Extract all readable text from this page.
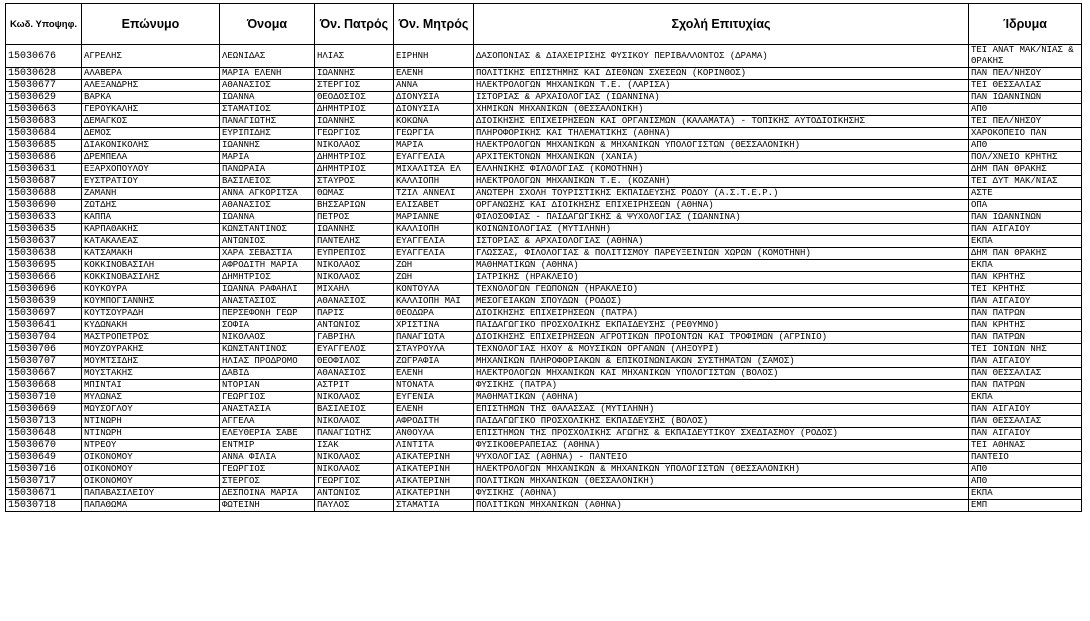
Κωδ. Υποψηφ.	Επώνυμο	Όνομα	Όν. Πατρός	Όν. Μητρός	Σχολή Επιτυχίας	Ίδρυμα
15030676	ΑΓΡΕΛΗΣ	ΛΕΩΝΙΔΑΣ	ΗΛΙΑΣ	ΕΙΡΗΝΗ	ΔΑΣΟΠΟΝΙΑΣ & ΔΙΑΧΕΙΡΙΣΗΣ ΦΥΣΙΚΟΥ ΠΕΡΙΒΑΛΛΟΝΤΟΣ (ΔΡΑΜΑ)	ΤΕΙ ΑΝΑΤ ΜΑΚ/ΝΙΑΣ & ΘΡΑΚΗΣ
15030628	ΑΛΑΒΕΡΑ	ΜΑΡΙΑ ΕΛΕΝΗ	ΙΩΑΝΝΗΣ	ΕΛΕΝΗ	ΠΟΛΙΤΙΚΗΣ ΕΠΙΣΤΗΜΗΣ ΚΑΙ ΔΙΕΘΝΩΝ ΣΧΕΣΕΩΝ (ΚΟΡΙΝΘΟΣ)	ΠΑΝ ΠΕΛ/ΝΗΣΟΥ
15030677	ΑΛΕΞΑΝΔΡΗΣ	ΑΘΑΝΑΣΙΟΣ	ΣΤΕΡΓΙΟΣ	ΑΝΝΑ	ΗΛΕΚΤΡΟΛΟΓΩΝ ΜΗΧΑΝΙΚΩΝ Τ.Ε. (ΛΑΡΙΣΑ)	ΤΕΙ ΘΕΣΣΑΛΙΑΣ
15030629	ΒΑΡΚΑ	ΙΩΑΝΝΑ	ΘΕΟΔΟΣΙΟΣ	ΔΙΟΝΥΣΙΑ	ΙΣΤΟΡΙΑΣ & ΑΡΧΑΙΟΛΟΓΙΑΣ (ΙΩΑΝΝΙΝΑ)	ΠΑΝ ΙΩΑΝΝΙΝΩΝ
15030663	ΓΕΡΟΥΚΑΛΗΣ	ΣΤΑΜΑΤΙΟΣ	ΔΗΜΗΤΡΙΟΣ	ΔΙΟΝΥΣΙΑ	ΧΗΜΙΚΩΝ ΜΗΧΑΝΙΚΩΝ (ΘΕΣΣΑΛΟΝΙΚΗ)	ΑΠΘ
15030683	ΔΕΜΑΓΚΟΣ	ΠΑΝΑΓΙΩΤΗΣ	ΙΩΑΝΝΗΣ	ΚΟΚΩΝΑ	ΔΙΟΙΚΗΣΗΣ ΕΠΙΧΕΙΡΗΣΕΩΝ ΚΑΙ ΟΡΓΑΝΙΣΜΩΝ (ΚΑΛΑΜΑΤΑ) - ΤΟΠΙΚΗΣ ΑΥΤΟΔΙΟΙΚΗΣΗΣ	ΤΕΙ ΠΕΛ/ΝΗΣΟΥ
15030684	ΔΕΜΟΣ	ΕΥΡΙΠΙΔΗΣ	ΓΕΩΡΓΙΟΣ	ΓΕΩΡΓΙΑ	ΠΛΗΡΟΦΟΡΙΚΗΣ ΚΑΙ ΤΗΛΕΜΑΤΙΚΗΣ (ΑΘΗΝΑ)	ΧΑΡΟΚΟΠΕΙΟ ΠΑΝ
15030685	ΔΙΑΚΟΝΙΚΟΛΗΣ	ΙΩΑΝΝΗΣ	ΝΙΚΟΛΑΟΣ	ΜΑΡΙΑ	ΗΛΕΚΤΡΟΛΟΓΩΝ ΜΗΧΑΝΙΚΩΝ & ΜΗΧΑΝΙΚΩΝ ΥΠΟΛΟΓΙΣΤΩΝ (ΘΕΣΣΑΛΟΝΙΚΗ)	ΑΠΘ
15030686	ΔΡΕΜΠΕΛΑ	ΜΑΡΙΑ	ΔΗΜΗΤΡΙΟΣ	ΕΥΑΓΓΕΛΙΑ	ΑΡΧΙΤΕΚΤΟΝΩΝ ΜΗΧΑΝΙΚΩΝ (ΧΑΝΙΑ)	ΠΟΛ/ΧΝΕΙΟ ΚΡΗΤΗΣ
15030631	ΕΞΑΡΧΟΠΟΥΛΟΥ	ΠΑΝΩΡΑΙΑ	ΔΗΜΗΤΡΙΟΣ	ΜΙΧΑΛΙΤΣΑ ΕΛ	ΕΛΛΗΝΙΚΗΣ ΦΙΛΟΛΟΓΙΑΣ (ΚΟΜΟΤΗΝΗ)	ΔΗΜ ΠΑΝ ΘΡΑΚΗΣ
15030687	ΕΥΣΤΡΑΤΙΟΥ	ΒΑΣΙΛΕΙΟΣ	ΣΤΑΥΡΟΣ	ΚΑΛΛΙΟΠΗ	ΗΛΕΚΤΡΟΛΟΓΩΝ ΜΗΧΑΝΙΚΩΝ Τ.Ε. (ΚΟΖΑΝΗ)	ΤΕΙ ΔΥΤ ΜΑΚ/ΝΙΑΣ
15030688	ΖΑΜΑΝΗ	ΑΝΝΑ ΑΓΚΟΡΙΤΣΑ	ΘΩΜΑΣ	ΤΖΙΛ ΑΝΝΕΛΙ	ΑΝΩΤΕΡΗ ΣΧΟΛΗ ΤΟΥΡΙΣΤΙΚΗΣ ΕΚΠΑΙΔΕΥΣΗΣ ΡΟΔΟΥ (Α.Σ.Τ.Ε.Ρ.)	ΑΣΤΕ
15030690	ΖΩΤΔΗΣ	ΑΘΑΝΑΣΙΟΣ	ΒΗΣΣΑΡΙΩΝ	ΕΛΙΣΑΒΕΤ	ΟΡΓΑΝΩΣΗΣ ΚΑΙ ΔΙΟΙΚΗΣΗΣ ΕΠΙΧΕΙΡΗΣΕΩΝ (ΑΘΗΝΑ)	ΟΠΑ
15030633	ΚΑΠΠΑ	ΙΩΑΝΝΑ	ΠΕΤΡΟΣ	ΜΑΡΙΑΝΝΕ	ΦΙΛΟΣΟΦΙΑΣ - ΠΑΙΔΑΓΩΓΙΚΗΣ & ΨΥΧΟΛΟΓΙΑΣ (ΙΩΑΝΝΙΝΑ)	ΠΑΝ ΙΩΑΝΝΙΝΩΝ
15030635	ΚΑΡΠΑΘΑΚΗΣ	ΚΩΝΣΤΑΝΤΙΝΟΣ	ΙΩΑΝΝΗΣ	ΚΑΛΛΙΟΠΗ	ΚΟΙΝΩΝΙΟΛΟΓΙΑΣ (ΜΥΤΙΛΗΝΗ)	ΠΑΝ ΑΙΓΑΙΟΥ
15030637	ΚΑΤΑΚΑΛΕΑΣ	ΑΝΤΩΝΙΟΣ	ΠΑΝΤΕΛΗΣ	ΕΥΑΓΓΕΛΙΑ	ΙΣΤΟΡΙΑΣ & ΑΡΧΑΙΟΛΟΓΙΑΣ (ΑΘΗΝΑ)	ΕΚΠΑ
15030638	ΚΑΤΣΑΜΑΚΗ	ΧΑΡΑ ΣΕΒΑΣΤΙΑ	ΕΥΠΡΕΠΙΟΣ	ΕΥΑΓΓΕΛΙΑ	ΓΛΩΣΣΑΣ, ΦΙΛΟΛΟΓΙΑΣ & ΠΟΛΙΤΙΣΜΟΥ ΠΑΡΕΥΞΕΙΝΙΩΝ ΧΩΡΩΝ (ΚΟΜΟΤΗΝΗ)	ΔΗΜ ΠΑΝ ΘΡΑΚΗΣ
15030695	ΚΟΚΚΙΝΟΒΑΣΙΛΗ	ΑΦΡΟΔΙΤΗ ΜΑΡΙΑ	ΝΙΚΟΛΑΟΣ	ΖΩΗ	ΜΑΘΗΜΑΤΙΚΩΝ (ΑΘΗΝΑ)	ΕΚΠΑ
15030666	ΚΟΚΚΙΝΟΒΑΣΙΛΗΣ	ΔΗΜΗΤΡΙΟΣ	ΝΙΚΟΛΑΟΣ	ΖΩΗ	ΙΑΤΡΙΚΗΣ (ΗΡΑΚΛΕΙΟ)	ΠΑΝ ΚΡΗΤΗΣ
15030696	ΚΟΥΚΟΥΡΑ	ΙΩΑΝΝΑ ΡΑΦΑΗΛΙ	ΜΙΧΑΗΛ	ΚΟΝΤΟΥΛΑ	ΤΕΧΝΟΛΟΓΩΝ ΓΕΩΠΟΝΩΝ (ΗΡΑΚΛΕΙΟ)	ΤΕΙ ΚΡΗΤΗΣ
15030639	ΚΟΥΜΠΟΓΙΑΝΝΗΣ	ΑΝΑΣΤΑΣΙΟΣ	ΑΘΑΝΑΣΙΟΣ	ΚΑΛΛΙΟΠΗ ΜΑΙ	ΜΕΣΟΓΕΙΑΚΩΝ ΣΠΟΥΔΩΝ (ΡΟΔΟΣ)	ΠΑΝ ΑΙΓΑΙΟΥ
15030697	ΚΟΥΤΣΟΥΡΑΔΗ	ΠΕΡΣΕΦΟΝΗ ΓΕΩΡ	ΠΑΡΙΣ	ΘΕΟΔΩΡΑ	ΔΙΟΙΚΗΣΗΣ ΕΠΙΧΕΙΡΗΣΕΩΝ (ΠΑΤΡΑ)	ΠΑΝ ΠΑΤΡΩΝ
15030641	ΚΥΔΩΝΑΚΗ	ΣΟΦΙΑ	ΑΝΤΩΝΙΟΣ	ΧΡΙΣΤΙΝΑ	ΠΑΙΔΑΓΩΓΙΚΟ ΠΡΟΣΧΟΛΙΚΗΣ ΕΚΠΑΙΔΕΥΣΗΣ (ΡΕΘΥΜΝΟ)	ΠΑΝ ΚΡΗΤΗΣ
15030704	ΜΑΣΤΡΟΠΕΤΡΟΣ	ΝΙΚΟΛΑΟΣ	ΓΑΒΡΙΗΛ	ΠΑΝΑΓΙΩΤΑ	ΔΙΟΙΚΗΣΗΣ ΕΠΙΧΕΙΡΗΣΕΩΝ ΑΓΡΟΤΙΚΩΝ ΠΡΟΪΟΝΤΩΝ ΚΑΙ ΤΡΟΦΙΜΩΝ (ΑΓΡΙΝΙΟ)	ΠΑΝ ΠΑΤΡΩΝ
15030706	ΜΟΥΖΟΥΡΑΚΗΣ	ΚΩΝΣΤΑΝΤΙΝΟΣ	ΕΥΑΓΓΕΛΟΣ	ΣΤΑΥΡΟΥΛΑ	ΤΕΧΝΟΛΟΓΙΑΣ ΗΧΟΥ & ΜΟΥΣΙΚΩΝ ΟΡΓΑΝΩΝ (ΛΗΞΟΥΡΙ)	ΤΕΙ ΙΟΝΙΩΝ ΝΗΣ
15030707	ΜΟΥΜΤΣΙΔΗΣ	ΗΛΙΑΣ ΠΡΟΔΡΟΜΟ	ΘΕΟΦΙΛΟΣ	ΖΩΓΡΑΦΙΑ	ΜΗΧΑΝΙΚΩΝ ΠΛΗΡΟΦΟΡΙΑΚΩΝ & ΕΠΙΚΟΙΝΩΝΙΑΚΩΝ ΣΥΣΤΗΜΑΤΩΝ (ΣΑΜΟΣ)	ΠΑΝ ΑΙΓΑΙΟΥ
15030667	ΜΟΥΣΤΑΚΗΣ	ΔΑΒΙΔ	ΑΘΑΝΑΣΙΟΣ	ΕΛΕΝΗ	ΗΛΕΚΤΡΟΛΟΓΩΝ ΜΗΧΑΝΙΚΩΝ ΚΑΙ ΜΗΧΑΝΙΚΩΝ ΥΠΟΛΟΓΙΣΤΩΝ (ΒΟΛΟΣ)	ΠΑΝ ΘΕΣΣΑΛΙΑΣ
15030668	ΜΠΙΝΤΑΙ	ΝΤΟΡΙΑΝ	ΑΣΤΡΙΤ	ΝΤΟΝΑΤΑ	ΦΥΣΙΚΗΣ (ΠΑΤΡΑ)	ΠΑΝ ΠΑΤΡΩΝ
15030710	ΜΥΛΩΝΑΣ	ΓΕΩΡΓΙΟΣ	ΝΙΚΟΛΑΟΣ	ΕΥΓΕΝΙΑ	ΜΑΘΗΜΑΤΙΚΩΝ (ΑΘΗΝΑ)	ΕΚΠΑ
15030669	ΜΩΥΣΟΓΛΟΥ	ΑΝΑΣΤΑΣΙΑ	ΒΑΣΙΛΕΙΟΣ	ΕΛΕΝΗ	ΕΠΙΣΤΗΜΩΝ ΤΗΣ ΘΑΛΑΣΣΑΣ (ΜΥΤΙΛΗΝΗ)	ΠΑΝ ΑΙΓΑΙΟΥ
15030713	ΝΤΙΝΩΡΗ	ΑΓΓΕΛΑ	ΝΙΚΟΛΑΟΣ	ΑΦΡΟΔΙΤΗ	ΠΑΙΔΑΓΩΓΙΚΟ ΠΡΟΣΧΟΛΙΚΗΣ ΕΚΠΑΙΔΕΥΣΗΣ (ΒΟΛΟΣ)	ΠΑΝ ΘΕΣΣΑΛΙΑΣ
15030648	ΝΤΙΝΩΡΗ	ΕΛΕΥΘΕΡΙΑ ΣΑΒΕ	ΠΑΝΑΓΙΩΤΗΣ	ΑΝΘΟΥΛΑ	ΕΠΙΣΤΗΜΩΝ ΤΗΣ ΠΡΟΣΧΟΛΙΚΗΣ ΑΓΩΓΗΣ & ΕΚΠΑΙΔΕΥΤΙΚΟΥ ΣΧΕΔΙΑΣΜΟΥ (ΡΟΔΟΣ)	ΠΑΝ ΑΙΓΑΙΟΥ
15030670	ΝΤΡΕΟΥ	ΕΝΤΜΙΡ	ΙΣΑΚ	ΛΙΝΤΙΤΑ	ΦΥΣΙΚΟΘΕΡΑΠΕΙΑΣ (ΑΘΗΝΑ)	ΤΕΙ ΑΘΗΝΑΣ
15030649	ΟΙΚΟΝΟΜΟΥ	ΑΝΝΑ ΦΙΛΙΑ	ΝΙΚΟΛΑΟΣ	ΑΙΚΑΤΕΡΙΝΗ	ΨΥΧΟΛΟΓΙΑΣ (ΑΘΗΝΑ) - ΠΑΝΤΕΙΟ	ΠΑΝΤΕΙΟ
15030716	ΟΙΚΟΝΟΜΟΥ	ΓΕΩΡΓΙΟΣ	ΝΙΚΟΛΑΟΣ	ΑΙΚΑΤΕΡΙΝΗ	ΗΛΕΚΤΡΟΛΟΓΩΝ ΜΗΧΑΝΙΚΩΝ & ΜΗΧΑΝΙΚΩΝ ΥΠΟΛΟΓΙΣΤΩΝ (ΘΕΣΣΑΛΟΝΙΚΗ)	ΑΠΘ
15030717	ΟΙΚΟΝΟΜΟΥ	ΣΤΕΡΓΟΣ	ΓΕΩΡΓΙΟΣ	ΑΙΚΑΤΕΡΙΝΗ	ΠΟΛΙΤΙΚΩΝ ΜΗΧΑΝΙΚΩΝ (ΘΕΣΣΑΛΟΝΙΚΗ)	ΑΠΘ
15030671	ΠΑΠΑΒΑΣΙΛΕΙΟΥ	ΔΕΣΠΟΙΝΑ ΜΑΡΙΑ	ΑΝΤΩΝΙΟΣ	ΑΙΚΑΤΕΡΙΝΗ	ΦΥΣΙΚΗΣ (ΑΘΗΝΑ)	ΕΚΠΑ
15030718	ΠΑΠΑΘΩΜΑ	ΦΩΤΕΙΝΗ	ΠΑΥΛΟΣ	ΣΤΑΜΑΤΙΑ	ΠΟΛΙΤΙΚΩΝ ΜΗΧΑΝΙΚΩΝ (ΑΘΗΝΑ)	ΕΜΠ
